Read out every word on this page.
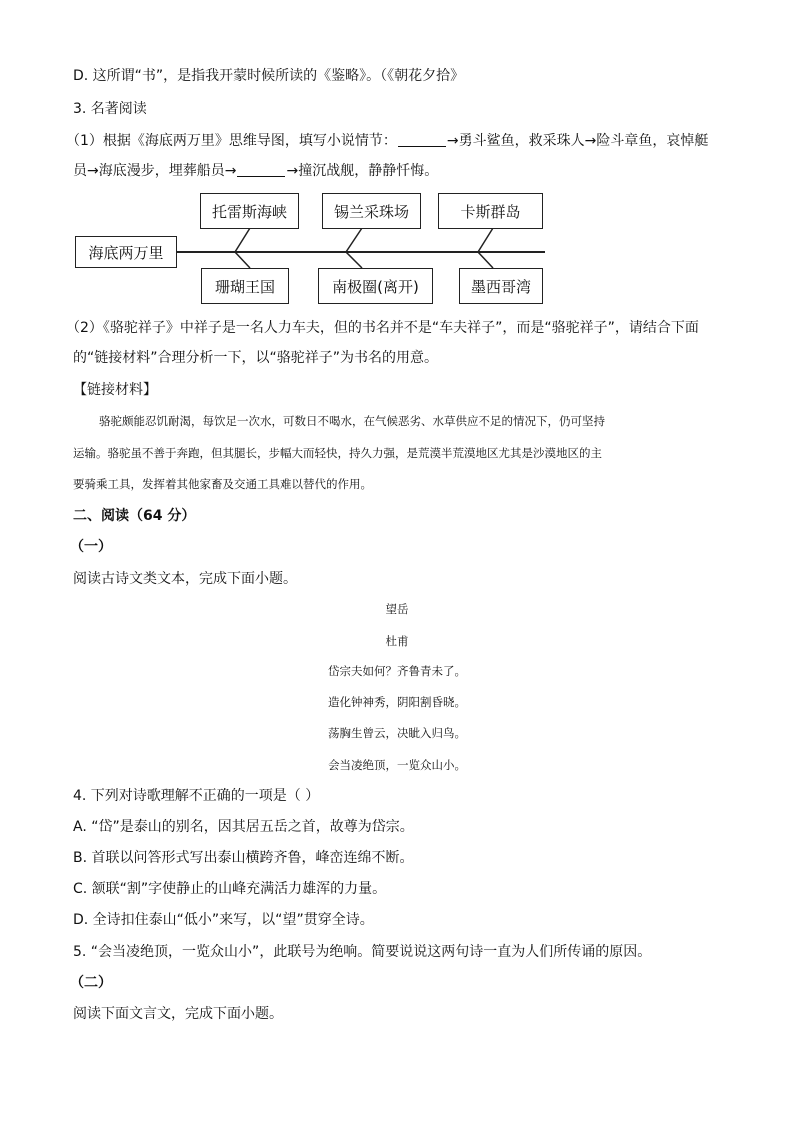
D. 这所谓“书”，是指我开蒙时候所读的《鉴略》。（《朝花夕拾》
3. 名著阅读
（1）根据《海底两万里》思维导图，填写小说情节：	→勇斗鲨鱼，救采珠人→险斗章鱼，哀悼艇
员→海底漫步，埋葬船员→	→撞沉战舰，静静忏悔。
海底两万里
托雷斯海峡	锡兰采珠场	卡斯群岛
珊瑚王国	南极圈(离开)	墨西哥湾
（2）《骆驼祥子》中祥子是一名人力车夫，但的书名并不是“车夫祥子”，而是“骆驼祥子”，请结合下面
的“链接材料”合理分析一下，以“骆驼祥子”为书名的用意。
【链接材料】
骆驼颇能忍饥耐渴，每饮足一次水，可数日不喝水，在气候恶劣、水草供应不足的情况下，仍可坚持
运输。骆驼虽不善于奔跑，但其腿长，步幅大而轻快，持久力强，是荒漠半荒漠地区尤其是沙漠地区的主
要骑乘工具，发挥着其他家畜及交通工具难以替代的作用。
二、阅读（64 分）
（一）
阅读古诗文类文本，完成下面小题。
望岳
杜甫
岱宗夫如何？齐鲁青未了。
造化钟神秀，阴阳割昏晓。
荡胸生曾云，决眦入归鸟。
会当凌绝顶，一览众山小。
4. 下列对诗歌理解不正确的一项是（ ）
A. “岱”是泰山的别名，因其居五岳之首，故尊为岱宗。
B. 首联以问答形式写出泰山横跨齐鲁，峰峦连绵不断。
C. 颔联“割”字使静止的山峰充满活力雄浑的力量。
D. 全诗扣住泰山“低小”来写，以“望”贯穿全诗。
5. “会当凌绝顶，一览众山小”，此联号为绝响。简要说说这两句诗一直为人们所传诵的原因。
（二）
阅读下面文言文，完成下面小题。
